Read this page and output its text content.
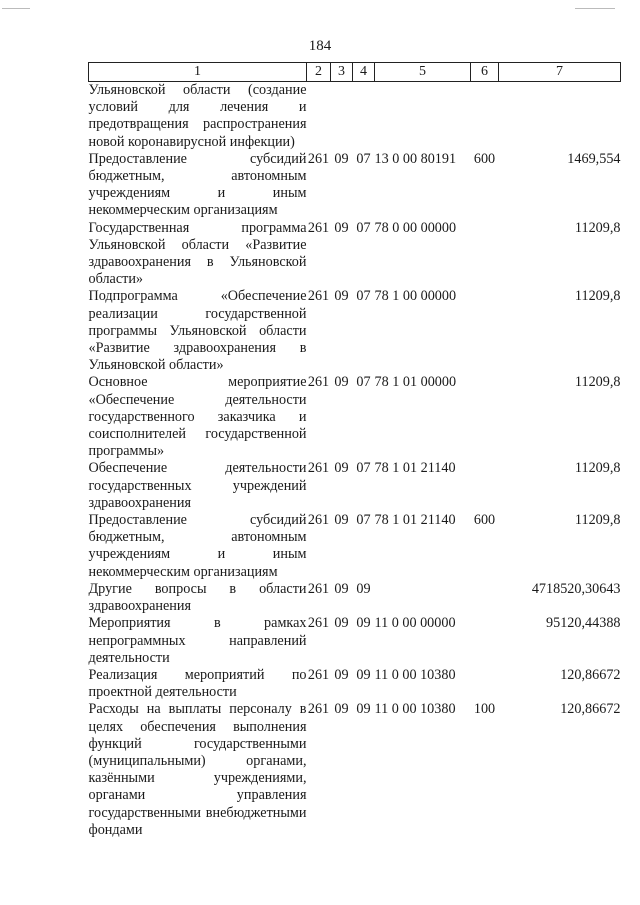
184
1	2	3	4	5	6	7
Ульяновской области (создание условий для лечения и предотвращения распространения новой коронавирусной инфекции)						
Предоставление субсидий бюджетным, автономным учреждениям и иным некоммерческим организациям	261	09	07	13 0 00 80191	600	1469,554
Государственная программа Ульяновской области «Развитие здравоохранения в Ульяновской области»	261	09	07	78 0 00 00000		11209,8
Подпрограмма «Обеспечение реализации государственной программы Ульяновской области «Развитие здравоохранения в Ульяновской области»	261	09	07	78 1 00 00000		11209,8
Основное мероприятие «Обеспечение деятельности государственного заказчика и соисполнителей государственной программы»	261	09	07	78 1 01 00000		11209,8
Обеспечение деятельности государственных учреждений здравоохранения	261	09	07	78 1 01 21140		11209,8
Предоставление субсидий бюджетным, автономным учреждениям и иным некоммерческим организациям	261	09	07	78 1 01 21140	600	11209,8
Другие вопросы в области здравоохранения	261	09	09			4718520,30643
Мероприятия в рамках непрограммных направлений деятельности	261	09	09	11 0 00 00000		95120,44388
Реализация мероприятий по проектной деятельности	261	09	09	11 0 00 10380		120,86672
Расходы на выплаты персоналу в целях обеспечения выполнения функций государственными (муниципальными) органами, казёнными учреждениями, органами управления государственными внебюджетными фондами	261	09	09	11 0 00 10380	100	120,86672
